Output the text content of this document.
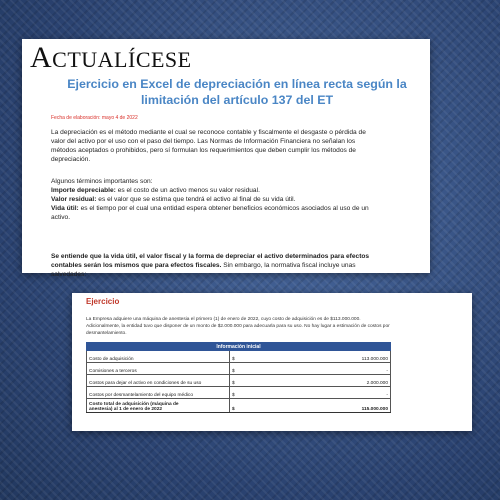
ACTUALÍCESE
Ejercicio en Excel de depreciación en línea recta según la limitación del artículo 137 del ET
Fecha de elaboración: mayo 4 de 2022
La depreciación es el método mediante el cual se reconoce contable y fiscalmente el desgaste o pérdida de
valor del activo por el uso con el paso del tiempo. Las Normas de Información Financiera no señalan los
métodos aceptados o prohibidos, pero sí formulan los requerimientos que deben cumplir los métodos de
depreciación.
Algunos términos importantes son:
Importe depreciable: es el costo de un activo menos su valor residual.
Valor residual: es el valor que se estima que tendrá el activo al final de su vida útil.
Vida útil: es el tiempo por el cual una entidad espera obtener beneficios económicos asociados al uso de un
activo.
Se entiende que la vida útil, el valor fiscal y la forma de depreciar el activo determinados para efectos
contables serán los mismos que para efectos fiscales. Sin embargo, la normativa fiscal incluye unas
salvedades:
Ejercicio
La Empresa adquiere una máquina de anestesia el primero (1) de enero de 2022, cuyo costo de adquisición es de $113.000.000.
Adicionalmente, la entidad tuvo que disponer de un monto de $2.000.000 para adecuarla para su uso. No hay lugar a estimación de costos por
desmantelamiento.
Información inicial		
Costo de adquisición	$	113.000.000
Comisiones a terceros	$	-
Costos para dejar el activo en condiciones de su uso	$	2.000.000
Costos por desmantelamiento del equipo médico	$	-

Costo total de adquisición (máquina de
anestesia) al 1 de enero de 2022	$	115.000.000
